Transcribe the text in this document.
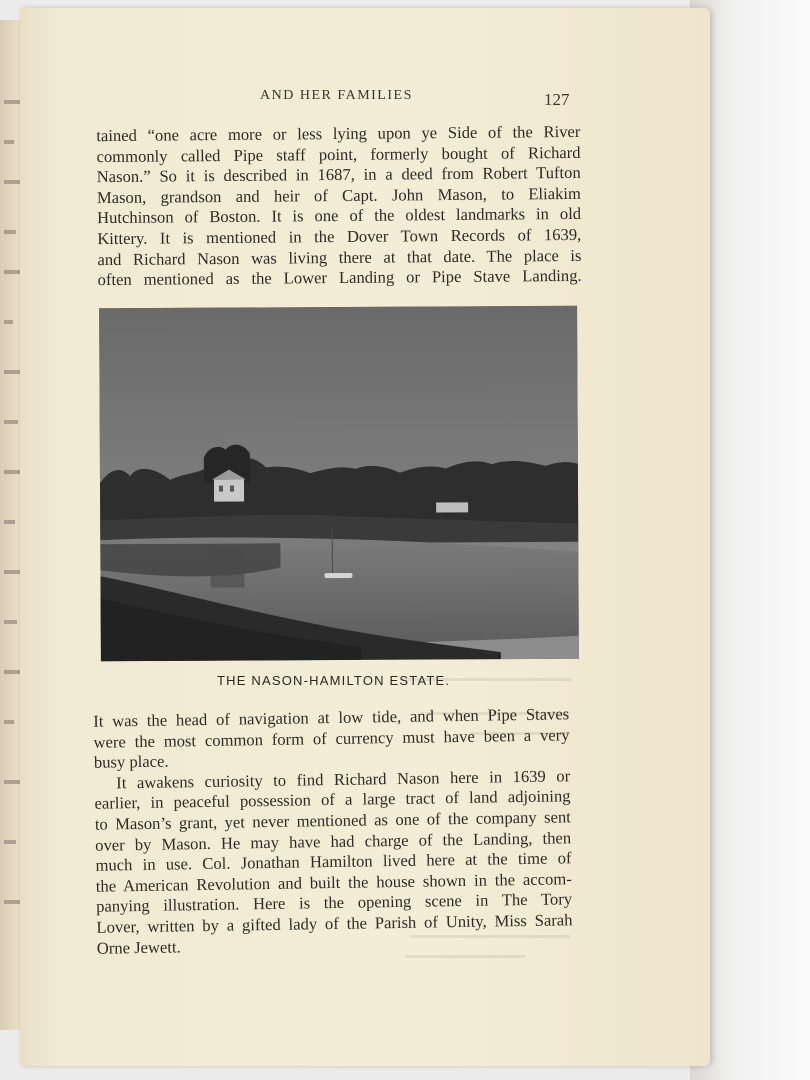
AND HER FAMILIES	127

tained “one acre more or less lying upon ye Side of the River
commonly called Pipe staff point, formerly bought of Richard
Nason.” So it is described in 1687, in a deed from Robert Tufton
Mason, grandson and heir of Capt. John Mason, to Eliakim
Hutchinson of Boston. It is one of the oldest landmarks in old
Kittery. It is mentioned in the Dover Town Records of 1639,
and Richard Nason was living there at that date. The place is
often mentioned as the Lower Landing or Pipe Stave Landing.

THE NASON-HAMILTON ESTATE.

It was the head of navigation at low tide, and when Pipe Staves
were the most common form of currency must have been a very
busy place.
It awakens curiosity to find Richard Nason here in 1639 or
earlier, in peaceful possession of a large tract of land adjoining
to Mason’s grant, yet never mentioned as one of the company sent
over by Mason. He may have had charge of the Landing, then
much in use. Col. Jonathan Hamilton lived here at the time of
the American Revolution and built the house shown in the accom-
panying illustration. Here is the opening scene in The Tory
Lover, written by a gifted lady of the Parish of Unity, Miss Sarah
Orne Jewett.
